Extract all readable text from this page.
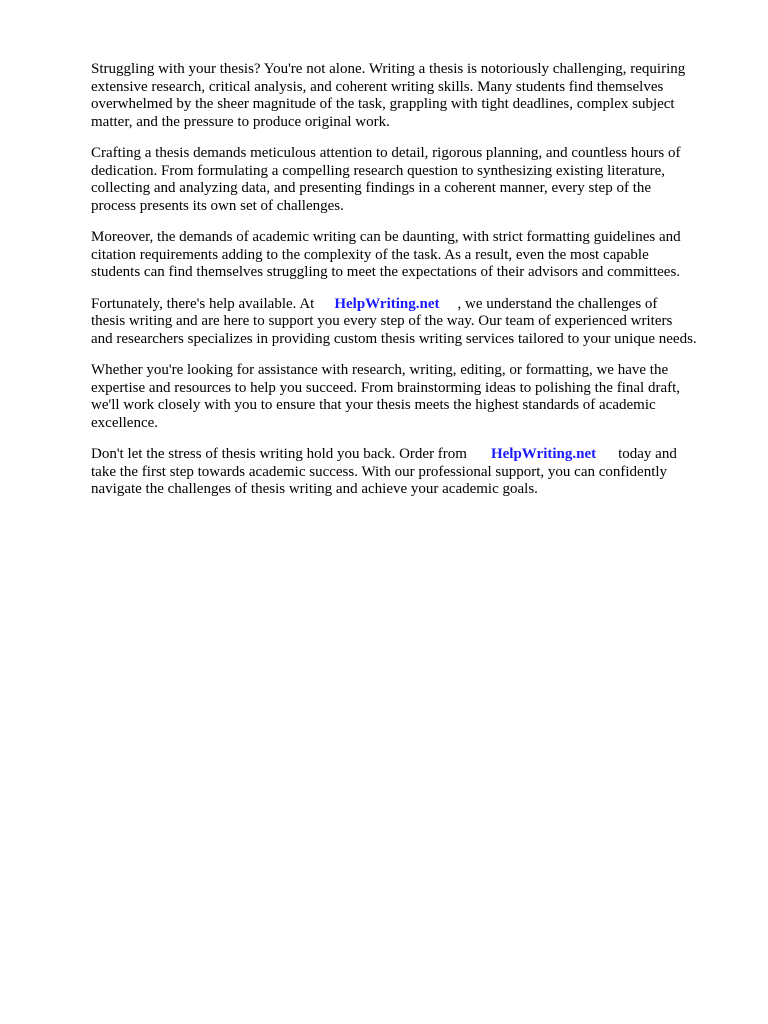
Struggling with your thesis? You're not alone. Writing a thesis is notoriously challenging, requiring
extensive research, critical analysis, and coherent writing skills. Many students find themselves
overwhelmed by the sheer magnitude of the task, grappling with tight deadlines, complex subject
matter, and the pressure to produce original work.

Crafting a thesis demands meticulous attention to detail, rigorous planning, and countless hours of
dedication. From formulating a compelling research question to synthesizing existing literature,
collecting and analyzing data, and presenting findings in a coherent manner, every step of the
process presents its own set of challenges.

Moreover, the demands of academic writing can be daunting, with strict formatting guidelines and
citation requirements adding to the complexity of the task. As a result, even the most capable
students can find themselves struggling to meet the expectations of their advisors and committees.

Fortunately, there's help available. At HelpWriting.net , we understand the challenges of
thesis writing and are here to support you every step of the way. Our team of experienced writers
and researchers specializes in providing custom thesis writing services tailored to your unique needs.

Whether you're looking for assistance with research, writing, editing, or formatting, we have the
expertise and resources to help you succeed. From brainstorming ideas to polishing the final draft,
we'll work closely with you to ensure that your thesis meets the highest standards of academic
excellence.

Don't let the stress of thesis writing hold you back. Order from HelpWriting.net today and
take the first step towards academic success. With our professional support, you can confidently
navigate the challenges of thesis writing and achieve your academic goals.
